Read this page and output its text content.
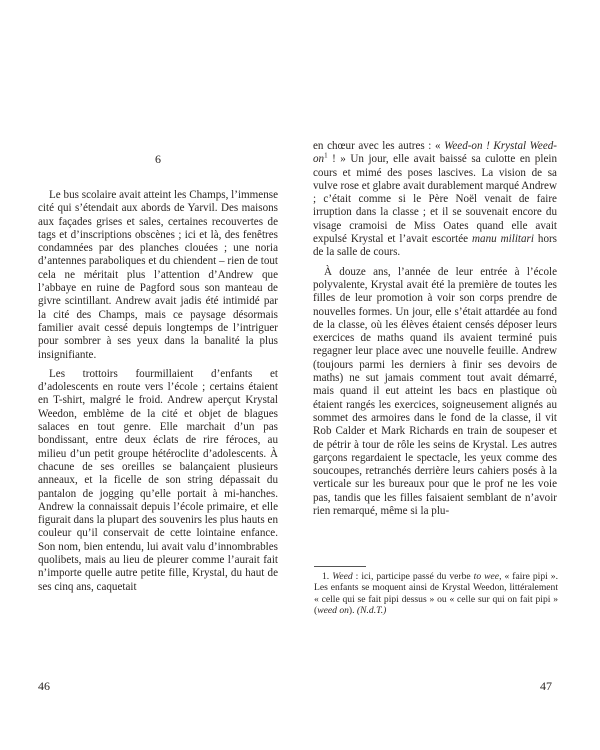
6

Le bus scolaire avait atteint les Champs, l’immense cité qui s’étendait aux abords de Yarvil. Des maisons aux façades grises et sales, certaines recouvertes de tags et d’inscriptions obscènes ; ici et là, des fenêtres condamnées par des planches clouées ; une noria d’antennes paraboliques et du chiendent – rien de tout cela ne méritait plus l’attention d’Andrew que l’abbaye en ruine de Pagford sous son manteau de givre scintillant. Andrew avait jadis été intimidé par la cité des Champs, mais ce paysage désormais familier avait cessé depuis longtemps de l’intriguer pour sombrer à ses yeux dans la banalité la plus insignifiante.

Les trottoirs fourmillaient d’enfants et d’adolescents en route vers l’école ; certains étaient en T-shirt, malgré le froid. Andrew aperçut Krystal Weedon, emblème de la cité et objet de blagues salaces en tout genre. Elle marchait d’un pas bondissant, entre deux éclats de rire féroces, au milieu d’un petit groupe hétéroclite d’adolescents. À chacune de ses oreilles se balançaient plusieurs anneaux, et la ficelle de son string dépassait du pantalon de jogging qu’elle portait à mi-hanches. Andrew la connaissait depuis l’école primaire, et elle figurait dans la plupart des souvenirs les plus hauts en couleur qu’il conservait de cette lointaine enfance. Son nom, bien entendu, lui avait valu d’innombrables quolibets, mais au lieu de pleurer comme l’aurait fait n’importe quelle autre petite fille, Krystal, du haut de ses cinq ans, caquetait

46

en chœur avec les autres : « Weed-on ! Krystal Weed-$on^1$ ! » Un jour, elle avait baissé sa culotte en plein cours et mimé des poses lascives. La vision de sa vulve rose et glabre avait durablement marqué Andrew ; c’était comme si le Père Noël venait de faire irruption dans la classe ; et il se souvenait encore du visage cramoisi de Miss Oates quand elle avait expulsé Krystal et l’avait escortée manu militari hors de la salle de cours.

À douze ans, l’année de leur entrée à l’école polyvalente, Krystal avait été la première de toutes les filles de leur promotion à voir son corps prendre de nouvelles formes. Un jour, elle s’était attardée au fond de la classe, où les élèves étaient censés déposer leurs exercices de maths quand ils avaient terminé puis regagner leur place avec une nouvelle feuille. Andrew (toujours parmi les derniers à finir ses devoirs de maths) ne sut jamais comment tout avait démarré, mais quand il eut atteint les bacs en plastique où étaient rangés les exercices, soigneusement alignés au sommet des armoires dans le fond de la classe, il vit Rob Calder et Mark Richards en train de soupeser et de pétrir à tour de rôle les seins de Krystal. Les autres garçons regardaient le spectacle, les yeux comme des soucoupes, retranchés derrière leurs cahiers posés à la verticale sur les bureaux pour que le prof ne les voie pas, tandis que les filles faisaient semblant de n’avoir rien remarqué, même si la plu-

1. Weed : ici, participe passé du verbe to wee, « faire pipi ». Les enfants se moquent ainsi de Krystal Weedon, littéralement « celle qui se fait pipi dessus » ou « celle sur qui on fait pipi » (weed on). (N.d.T.)

47
